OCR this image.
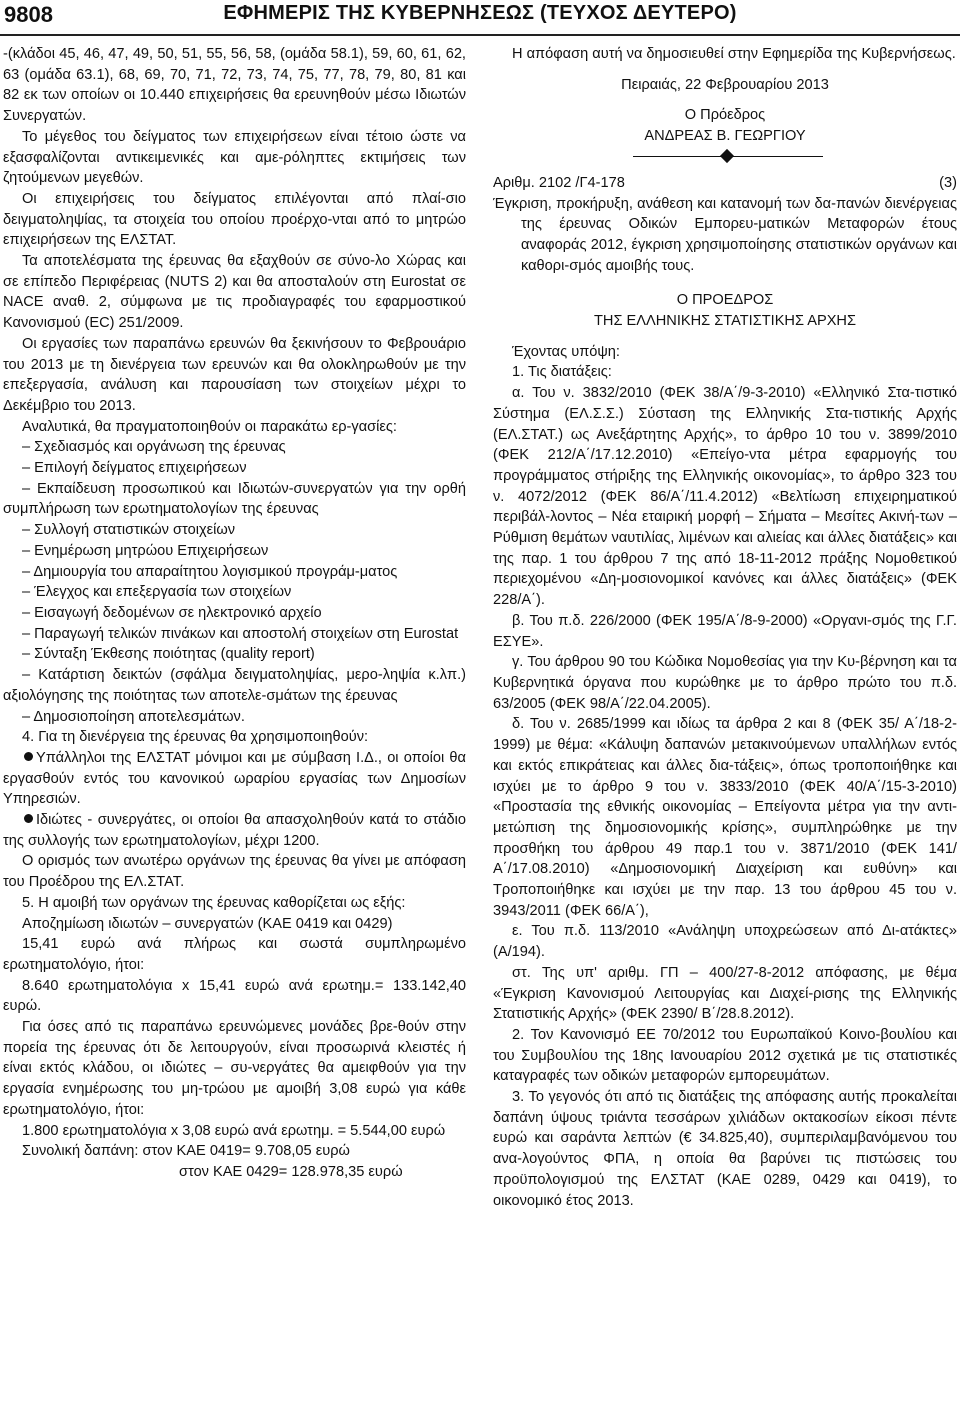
9808	ΕΦΗΜΕΡΙΣ ΤΗΣ ΚΥΒΕΡΝΗΣΕΩΣ (ΤΕΥΧΟΣ ΔΕΥΤΕΡΟ)

-(κλάδοι 45, 46, 47, 49, 50, 51, 55, 56, 58, (ομάδα 58.1), 59, 60, 61, 62, 63 (ομάδα 63.1), 68, 69, 70, 71, 72, 73, 74, 75, 77, 78, 79, 80, 81 και 82 εκ των οποίων οι 10.440 επιχειρήσεις θα ερευνηθούν μέσω Ιδιωτών Συνεργατών.

Το μέγεθος του δείγματος των επιχειρήσεων είναι τέτοιο ώστε να εξασφαλίζονται αντικειμενικές και αμε-ρόληπτες εκτιμήσεις των ζητούμενων μεγεθών.

Οι επιχειρήσεις του δείγματος επιλέγονται από πλαί-σιο δειγματοληψίας, τα στοιχεία του οποίου προέρχο-νται από το μητρώο επιχειρήσεων της ΕΛΣΤΑΤ.

Τα αποτελέσματα της έρευνας θα εξαχθούν σε σύνο-λο Χώρας και σε επίπεδο Περιφέρειας (NUTS 2) και θα αποσταλούν στη Eurostat σε NACE αναθ. 2, σύμφωνα με τις προδιαγραφές του εφαρμοστικού Κανονισμού (EC) 251/2009.

Οι εργασίες των παραπάνω ερευνών θα ξεκινήσουν το Φεβρουάριο του 2013 με τη διενέργεια των ερευνών και θα ολοκληρωθούν με την επεξεργασία, ανάλυση και παρουσίαση των στοιχείων μέχρι το Δεκέμβριο του 2013.

Αναλυτικά, θα πραγματοποιηθούν οι παρακάτω ερ-γασίες:

– Σχεδιασμός και οργάνωση της έρευνας

– Επιλογή δείγματος επιχειρήσεων

– Εκπαίδευση προσωπικού και Ιδιωτών-συνεργατών για την ορθή συμπλήρωση των ερωτηματολογίων της έρευνας

– Συλλογή στατιστικών στοιχείων

– Ενημέρωση μητρώου Επιχειρήσεων

– Δημιουργία του απαραίτητου λογισμικού προγράμ-ματος

– Έλεγχος και επεξεργασία των στοιχείων

– Εισαγωγή δεδομένων σε ηλεκτρονικό αρχείο

– Παραγωγή τελικών πινάκων και αποστολή στοιχείων στη Eurostat

– Σύνταξη Έκθεσης ποιότητας (quality report)

– Κατάρτιση δεικτών (σφάλμα δειγματοληψίας, μερο-ληψία κ.λπ.) αξιολόγησης της ποιότητας των αποτελε-σμάτων της έρευνας

– Δημοσιοποίηση αποτελεσμάτων.

4. Για τη διενέργεια της έρευνας θα χρησιμοποιηθούν:

Υπάλληλοι της ΕΛΣΤΑΤ μόνιμοι και με σύμβαση Ι.Δ., οι οποίοι θα εργασθούν εντός του κανονικού ωραρίου εργασίας των Δημοσίων Υπηρεσιών.

Ιδιώτες - συνεργάτες, οι οποίοι θα απασχοληθούν κατά το στάδιο της συλλογής των ερωτηματολογίων, μέχρι 1200.

Ο ορισμός των ανωτέρω οργάνων της έρευνας θα γίνει με απόφαση του Προέδρου της ΕΛ.ΣΤΑΤ.

5. Η αμοιβή των οργάνων της έρευνας καθορίζεται ως εξής:

Αποζημίωση ιδιωτών – συνεργατών (ΚΑΕ 0419 και 0429)

15,41 ευρώ ανά πλήρως και σωστά συμπληρωμένο ερωτηματολόγιο, ήτοι:

8.640 ερωτηματολόγια x 15,41 ευρώ ανά ερωτημ.= 133.142,40 ευρώ.

Για όσες από τις παραπάνω ερευνώμενες μονάδες βρε-θούν στην πορεία της έρευνας ότι δε λειτουργούν, είναι προσωρινά κλειστές ή είναι εκτός κλάδου, οι ιδιώτες – συ-νεργάτες θα αμειφθούν για την εργασία ενημέρωσης του μη-τρώου με αμοιβή 3,08 ευρώ για κάθε ερωτηματολόγιο, ήτοι:

1.800 ερωτηματολόγια x 3,08 ευρώ ανά ερωτημ. = 5.544,00 ευρώ

Συνολική δαπάνη: στον ΚΑΕ 0419= 9.708,05 ευρώ

στον ΚΑΕ 0429= 128.978,35 ευρώ

Η απόφαση αυτή να δημοσιευθεί στην Εφημερίδα της Κυβερνήσεως.

Πειραιάς, 22 Φεβρουαρίου 2013

Ο Πρόεδρος

ΑΝΔΡΕΑΣ Β. ΓΕΩΡΓΙΟΥ

Αριθμ. 2102 /Γ4-178	(3)

Έγκριση, προκήρυξη, ανάθεση και κατανομή των δα-πανών διενέργειας της έρευνας Οδικών Εμπορευ-ματικών Μεταφορών έτους αναφοράς 2012, έγκριση χρησιμοποίησης στατιστικών οργάνων και καθορι-σμός αμοιβής τους.

Ο ΠΡΟΕΔΡΟΣ

ΤΗΣ ΕΛΛΗΝΙΚΗΣ ΣΤΑΤΙΣΤΙΚΗΣ ΑΡΧΗΣ

Έχοντας υπόψη:

1. Τις διατάξεις:

α. Του ν. 3832/2010 (ΦΕΚ 38/Α΄/9-3-2010) «Ελληνικό Στα-τιστικό Σύστημα (ΕΛ.Σ.Σ.) Σύσταση της Ελληνικής Στα-τιστικής Αρχής (ΕΛ.ΣΤΑΤ.) ως Ανεξάρτητης Αρχής», το άρθρο 10 του ν. 3899/2010 (ΦΕΚ 212/Α΄/17.12.2010) «Επείγο-ντα μέτρα εφαρμογής του προγράμματος στήριξης της Ελληνικής οικονομίας», το άρθρο 323 του ν. 4072/2012 (ΦΕΚ 86/Α΄/11.4.2012) «Βελτίωση επιχειρηματικού περιβάλ-λοντος – Νέα εταιρική μορφή – Σήματα – Μεσίτες Ακινή-των – Ρύθμιση θεμάτων ναυτιλίας, λιμένων και αλιείας και άλλες διατάξεις» και της παρ. 1 του άρθρου 7 της από 18-11-2012 πράξης Νομοθετικού περιεχομένου «Δη-μοσιονομικοί κανόνες και άλλες διατάξεις» (ΦΕΚ 228/Α΄).

β. Του π.δ. 226/2000 (ΦΕΚ 195/Α΄/8-9-2000) «Οργανι-σμός της Γ.Γ. ΕΣΥΕ».

γ. Του άρθρου 90 του Κώδικα Νομοθεσίας για την Κυ-βέρνηση και τα Κυβερνητικά όργανα που κυρώθηκε με το άρθρο πρώτο του π.δ. 63/2005 (ΦΕΚ 98/Α΄/22.04.2005).

δ. Του ν. 2685/1999 και ιδίως τα άρθρα 2 και 8 (ΦΕΚ 35/ Α΄/18-2-1999) με θέμα: «Κάλυψη δαπανών μετακινούμενων υπαλλήλων εντός και εκτός επικράτειας και άλλες δια-τάξεις», όπως τροποποιήθηκε και ισχύει με το άρθρο 9 του ν. 3833/2010 (ΦΕΚ 40/Α΄/15-3-2010) «Προστασία της εθνικής οικονομίας – Επείγοντα μέτρα για την αντι-μετώπιση της δημοσιονομικής κρίσης», συμπληρώθηκε με την προσθήκη του άρθρου 49 παρ.1 του ν. 3871/2010 (ΦΕΚ 141/Α΄/17.08.2010) «Δημοσιονομική Διαχείριση και ευθύνη» και Τροποποιήθηκε και ισχύει με την παρ. 13 του άρθρου 45 του ν. 3943/2011 (ΦΕΚ 66/Α΄),

ε. Του π.δ. 113/2010 «Ανάληψη υποχρεώσεων από Δι-ατάκτες» (Α/194).

στ. Της υπ' αριθμ. ΓΠ – 400/27-8-2012 απόφασης, με θέμα «Έγκριση Κανονισμού Λειτουργίας και Διαχεί-ρισης της Ελληνικής Στατιστικής Αρχής» (ΦΕΚ 2390/ Β΄/28.8.2012).

2. Τον Κανονισμό ΕΕ 70/2012 του Ευρωπαϊκού Κοινο-βουλίου και του Συμβουλίου της 18ης Ιανουαρίου 2012 σχετικά με τις στατιστικές καταγραφές των οδικών μεταφορών εμπορευμάτων.

3. Το γεγονός ότι από τις διατάξεις της απόφασης αυτής προκαλείται δαπάνη ύψους τριάντα τεσσάρων χιλιάδων οκτακοσίων είκοσι πέντε ευρώ και σαράντα λεπτών (€ 34.825,40), συμπεριλαμβανόμενου του ανα-λογούντος ΦΠΑ, η οποία θα βαρύνει τις πιστώσεις του προϋπολογισμού της ΕΛΣΤΑΤ (ΚΑΕ 0289, 0429 και 0419), το οικονομικό έτος 2013.
